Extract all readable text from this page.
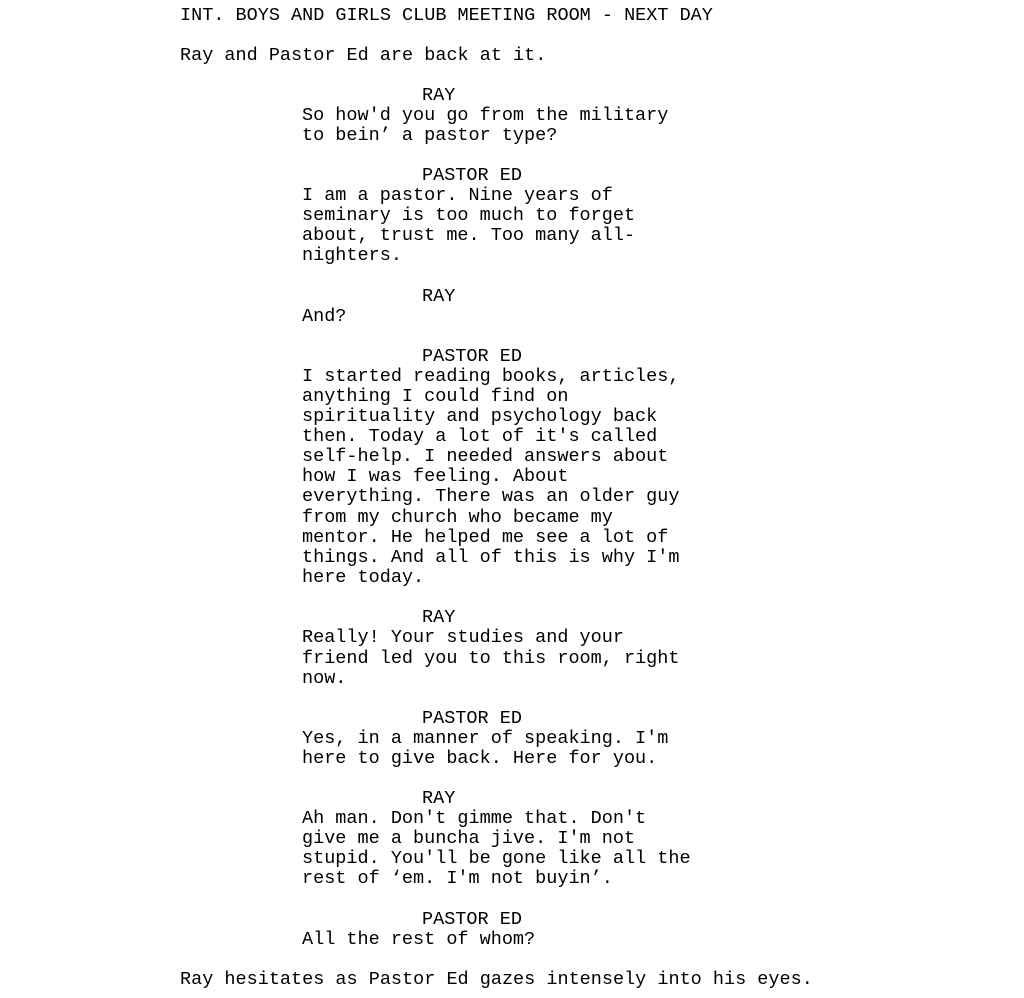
INT. BOYS AND GIRLS CLUB MEETING ROOM - NEXT DAY
Ray and Pastor Ed are back at it.
RAY
So how'd you go from the military
to bein’ a pastor type?
PASTOR ED
I am a pastor. Nine years of
seminary is too much to forget
about, trust me. Too many all-
nighters.
RAY
And?
PASTOR ED
I started reading books, articles,
anything I could find on
spirituality and psychology back
then. Today a lot of it's called
self-help. I needed answers about
how I was feeling. About
everything. There was an older guy
from my church who became my
mentor. He helped me see a lot of
things. And all of this is why I'm
here today.
RAY
Really! Your studies and your
friend led you to this room, right
now.
PASTOR ED
Yes, in a manner of speaking. I'm
here to give back. Here for you.
RAY
Ah man. Don't gimme that. Don't
give me a buncha jive. I'm not
stupid. You'll be gone like all the
rest of ‘em. I'm not buyin’.
PASTOR ED
All the rest of whom?
Ray hesitates as Pastor Ed gazes intensely into his eyes.
